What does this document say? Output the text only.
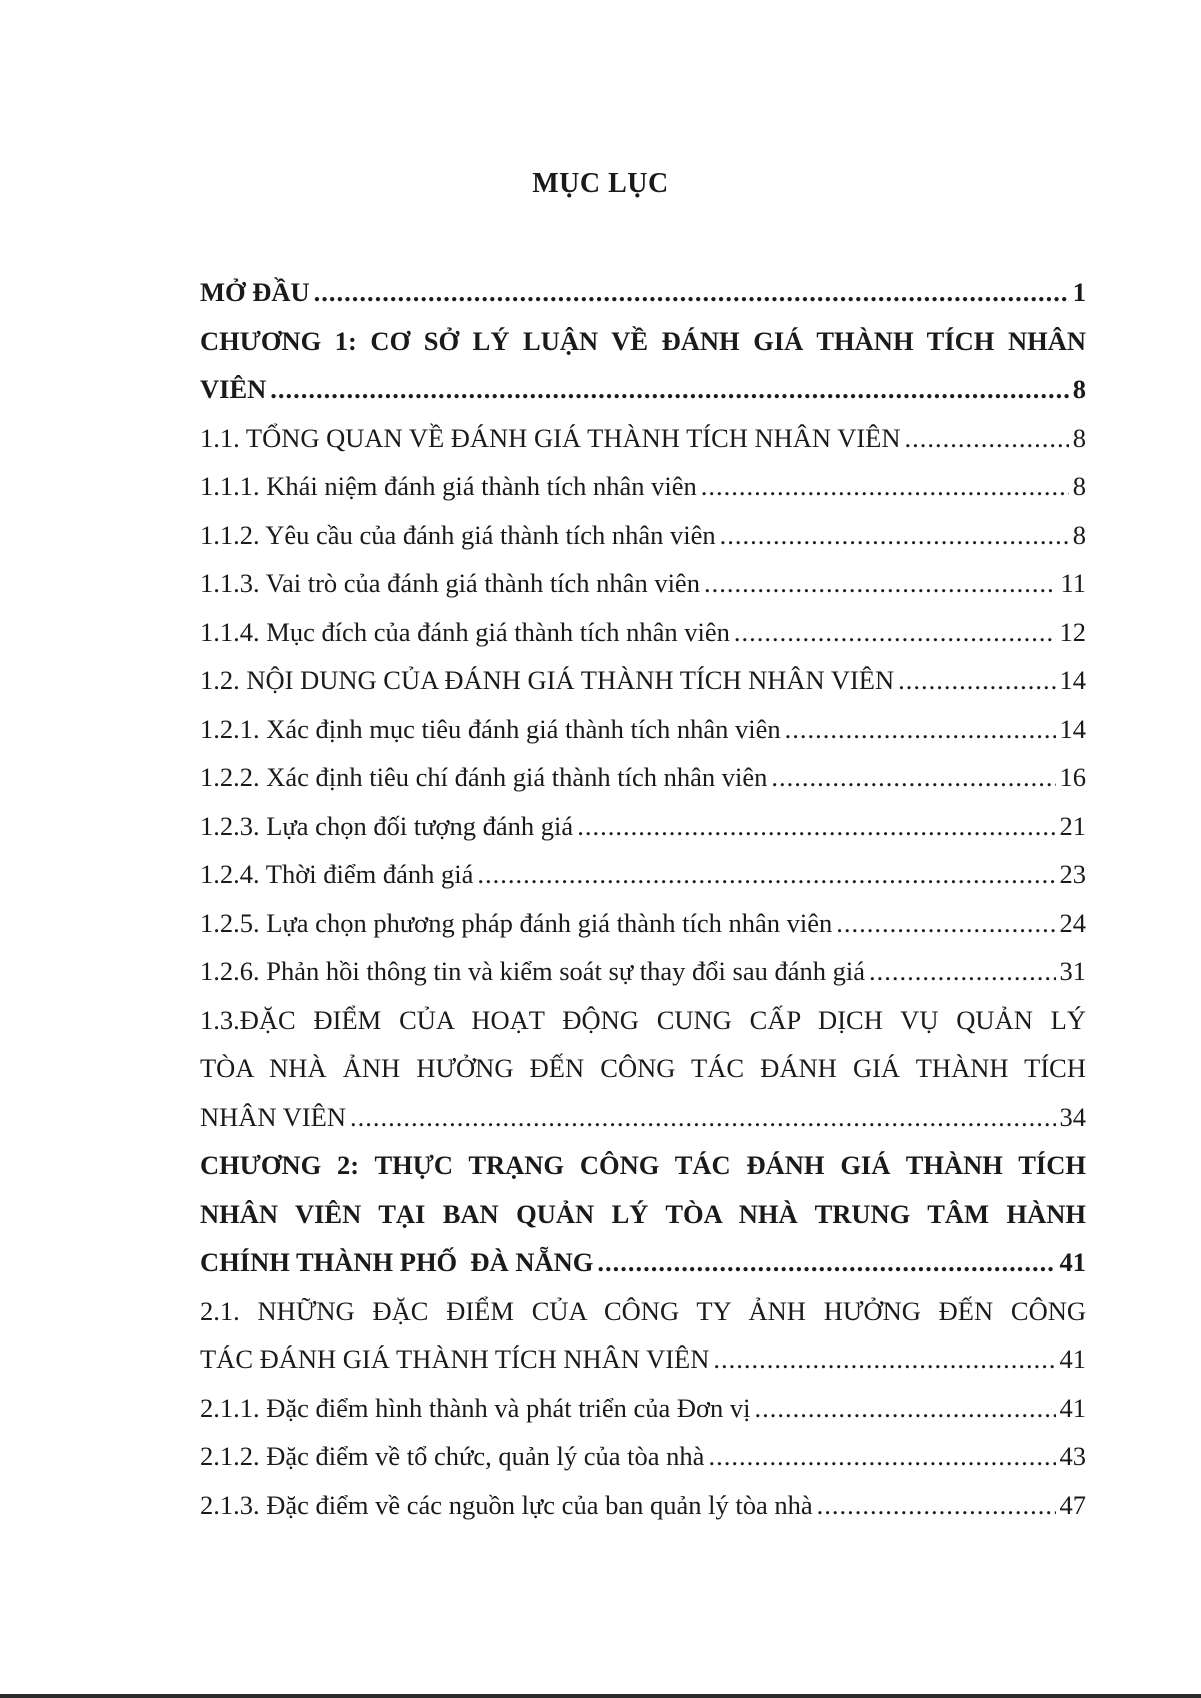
MỤC LỤC
MỞ ĐẦU .....	1
CHƯƠNG 1: CƠ SỞ LÝ LUẬN VỀ ĐÁNH GIÁ THÀNH TÍCH NHÂN
VIÊN .....	8
1.1. TỔNG QUAN VỀ ĐÁNH GIÁ THÀNH TÍCH NHÂN VIÊN .....	8
1.1.1. Khái niệm đánh giá thành tích nhân viên .....	8
1.1.2. Yêu cầu của đánh giá thành tích nhân viên .....	8
1.1.3. Vai trò của đánh giá thành tích nhân viên .....	11
1.1.4. Mục đích của đánh giá thành tích nhân viên .....	12
1.2. NỘI DUNG CỦA ĐÁNH GIÁ THÀNH TÍCH NHÂN VIÊN .....	14
1.2.1. Xác định mục tiêu đánh giá thành tích nhân viên .....	14
1.2.2. Xác định tiêu chí đánh giá thành tích nhân viên .....	16
1.2.3. Lựa chọn đối tượng đánh giá .....	21
1.2.4. Thời điểm đánh giá .....	23
1.2.5. Lựa chọn phương pháp đánh giá thành tích nhân viên .....	24
1.2.6. Phản hồi thông tin và kiểm soát sự thay đổi sau đánh giá .....	31
1.3.ĐẶC ĐIỂM CỦA HOẠT ĐỘNG CUNG CẤP DỊCH VỤ QUẢN LÝ
TÒA NHÀ ẢNH HƯỞNG ĐẾN CÔNG TÁC ĐÁNH GIÁ THÀNH TÍCH
NHÂN VIÊN .....	34
CHƯƠNG 2: THỰC TRẠNG CÔNG TÁC ĐÁNH GIÁ THÀNH TÍCH
NHÂN VIÊN TẠI BAN QUẢN LÝ TÒA NHÀ TRUNG TÂM HÀNH
CHÍNH THÀNH PHỐ  ĐÀ NẴNG .....	41
2.1. NHỮNG ĐẶC ĐIỂM CỦA CÔNG TY ẢNH HƯỞNG ĐẾN CÔNG
TÁC ĐÁNH GIÁ THÀNH TÍCH NHÂN VIÊN .....	41
2.1.1. Đặc điểm hình thành và phát triển của Đơn vị .....	41
2.1.2. Đặc điểm về tổ chức, quản lý của tòa nhà .....	43
2.1.3. Đặc điểm về các nguồn lực của ban quản lý tòa nhà .....	47
